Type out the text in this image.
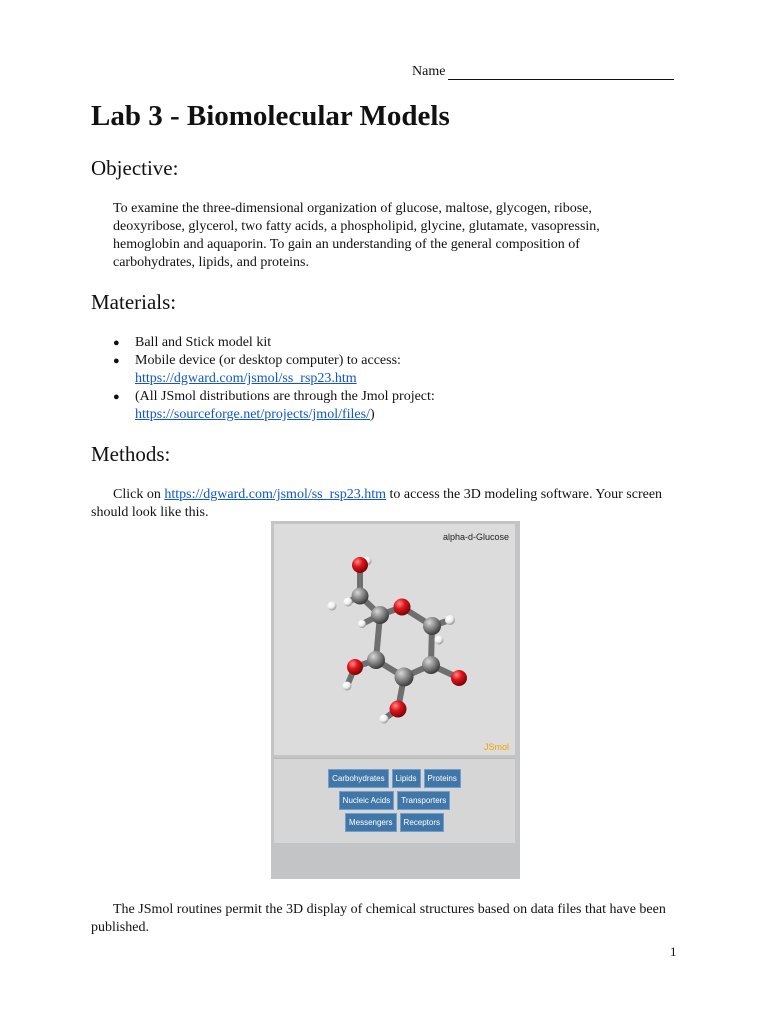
Name
Lab 3 - Biomolecular Models
Objective:

To examine the three-dimensional organization of glucose, maltose, glycogen, ribose, deoxyribose, glycerol, two fatty acids, a phospholipid, glycine, glutamate, vasopressin, hemoglobin and aquaporin. To gain an understanding of the general composition of carbohydrates, lipids, and proteins.

Materials:
● Ball and Stick model kit
● Mobile device (or desktop computer) to access:
https://dgward.com/jsmol/ss_rsp23.htm
● (All JSmol distributions are through the Jmol project:
https://sourceforge.net/projects/jmol/files/)
Methods:

Click on https://dgward.com/jsmol/ss_rsp23.htm to access the 3D modeling software. Your screen should look like this.

alpha-d-Glucose
JSmol
Carbohydrates	Lipids	Proteins
Nucleic Acids	Transporters
Messengers	Receptors

The JSmol routines permit the 3D display of chemical structures based on data files that have been published.

1
